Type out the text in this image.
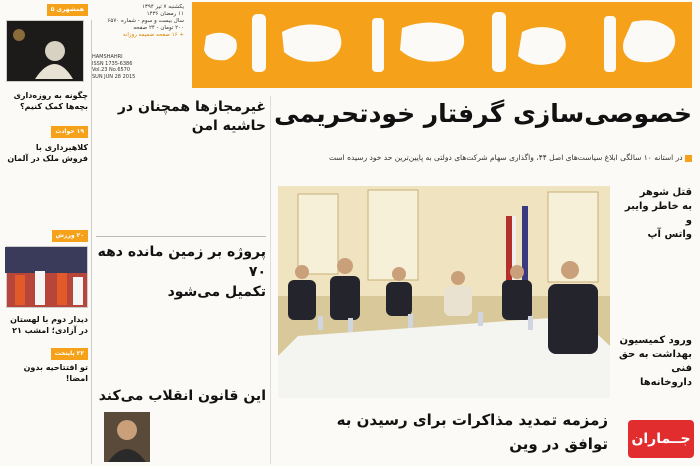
یکشنبه ۷ تیر ۱۳۹۴
۱۱ رمضان ۱۴۳۶
سال بیست و سوم - شماره ۶۵۷۰
۲۰۰ تومان - ۲۴ صفحه
+ ۱۶ صفحه ضمیمه روزانه
HAMSHAHRI
ISSN 1735-6386
Vol.23 No.6570
SUN JUN 28 2015
همشهری ۵
چگونه به روزه‌داری
بچه‌ها کمک کنیم؟
۱۹ حوادث
کلاهبرداری با
فروش ملک در آلمان
۲۰ ورزش
دیدار دوم با لهستان
در آزادی؛ امشب ۲۱
۲۲ پایتخت
تو افتتاحیه بدون امضا!
غیرمجازها همچنان در
حاشیه امن
پروژه بر زمین مانده دهه ۷۰
تکمیل می‌شود
این قانون انقلاب می‌کند
خصوصی‌سازی گرفتار خودتحریمی
در استانه ۱۰ سالگی ابلاغ سیاست‌های اصل ۴۴، واگذاری سهام شرکت‌های دولتی به پایین‌ترین حد خود رسیده است
قتل شوهر
به خاطر وایبر و
واتس آپ
ورود کمیسیون
بهداشت به حق
فنی داروخانه‌ها
زمزمه تمدید مذاکرات برای رسیدن به توافق در وین جــماران
